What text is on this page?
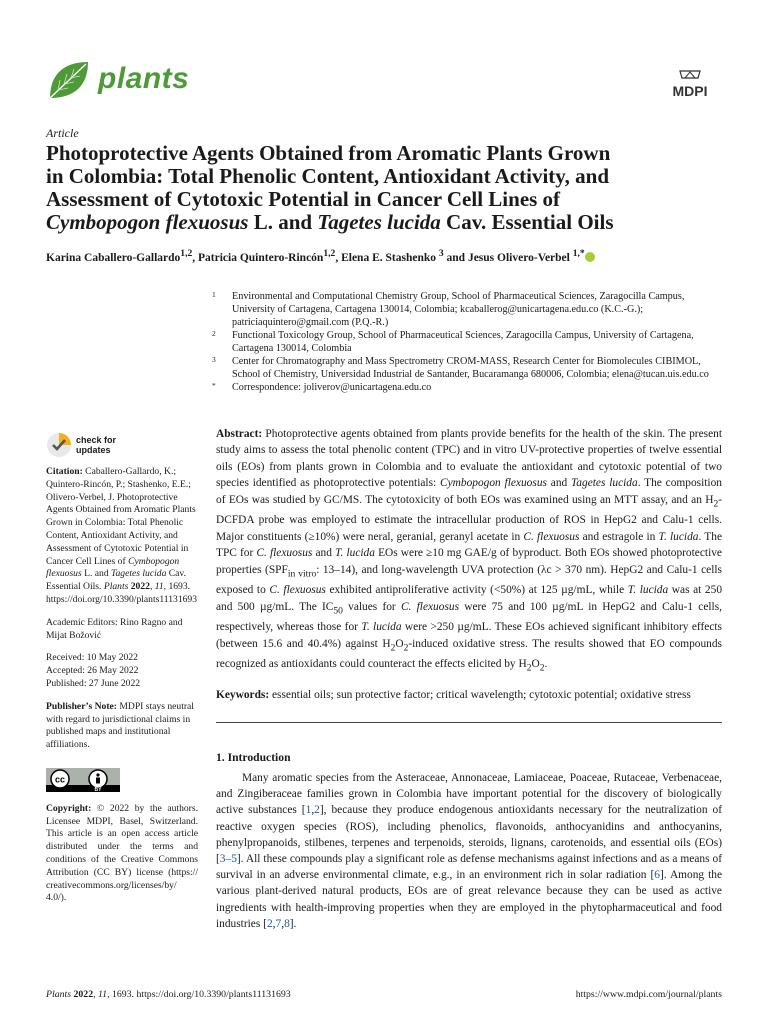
plants	MDPI
Article
Photoprotective Agents Obtained from Aromatic Plants Grown
in Colombia: Total Phenolic Content, Antioxidant Activity, and
Assessment of Cytotoxic Potential in Cancer Cell Lines of
Cymbopogon flexuosus L. and Tagetes lucida Cav. Essential Oils
Karina Caballero-Gallardo$^{1,2}$, Patricia Quintero-Rincón$^{1,2}$, Elena E. Stashenko $^3$ and Jesus Olivero-Verbel $^{1,*}$
1 Environmental and Computational Chemistry Group, School of Pharmaceutical Sciences, Zaragocilla Campus, University of Cartagena, Cartagena 130014, Colombia; kcaballerog@unicartagena.edu.co (K.C.-G.); patriciaquintero@gmail.com (P.Q.-R.)
2 Functional Toxicology Group, School of Pharmaceutical Sciences, Zaragocilla Campus, University of Cartagena, Cartagena 130014, Colombia
3 Center for Chromatography and Mass Spectrometry CROM-MASS, Research Center for Biomolecules CIBIMOL, School of Chemistry, Universidad Industrial de Santander, Bucaramanga 680006, Colombia; elena@tucan.uis.edu.co
* Correspondence: joliverov@unicartagena.edu.co
check for
updates
Citation: Caballero-Gallardo, K.; Quintero-Rincón, P.; Stashenko, E.E.; Olivero-Verbel, J. Photoprotective Agents Obtained from Aromatic Plants Grown in Colombia: Total Phenolic Content, Antioxidant Activity, and Assessment of Cytotoxic Potential in Cancer Cell Lines of Cymbopogon flexuosus L. and Tagetes lucida Cav. Essential Oils. Plants 2022, 11, 1693. https://doi.org/10.3390/plants11131693
Academic Editors: Rino Ragno and Mijat Božović
Received: 10 May 2022
Accepted: 26 May 2022
Published: 27 June 2022
Publisher’s Note: MDPI stays neutral with regard to jurisdictional claims in published maps and institutional affiliations.
cc
BY
Copyright: © 2022 by the authors. Licensee MDPI, Basel, Switzerland. This article is an open access article distributed under the terms and conditions of the Creative Commons Attribution (CC BY) license (https:// creativecommons.org/licenses/by/ 4.0/).

Abstract: Photoprotective agents obtained from plants provide benefits for the health of the skin. The present study aims to assess the total phenolic content (TPC) and in vitro UV-protective properties of twelve essential oils (EOs) from plants grown in Colombia and to evaluate the antioxidant and cytotoxic potential of two species identified as photoprotective potentials: Cymbopogon flexuosus and Tagetes lucida. The composition of EOs was studied by GC/MS. The cytotoxicity of both EOs was examined using an MTT assay, and an $H_2$-DCFDA probe was employed to estimate the intracellular production of ROS in HepG2 and Calu-1 cells. Major constituents (≥10%) were neral, geranial, geranyl acetate in C. flexuosus and estragole in T. lucida. The TPC for C. flexuosus and T. lucida EOs were ≥10 mg GAE/g of byproduct. Both EOs showed photoprotective properties ($SPF_{in vitro}$: 13–14), and long-wavelength UVA protection (λc > 370 nm). HepG2 and Calu-1 cells exposed to C. flexuosus exhibited antiproliferative activity (<50%) at 125 µg/mL, while T. lucida was at 250 and 500 µg/mL. The $IC_{50}$ values for C. flexuosus were 75 and 100 µg/mL in HepG2 and Calu-1 cells, respectively, whereas those for T. lucida were >250 µg/mL. These EOs achieved significant inhibitory effects (between 15.6 and 40.4%) against $H_2O_2$-induced oxidative stress. The results showed that EO compounds recognized as antioxidants could counteract the effects elicited by $H_2O_2$.

Keywords: essential oils; sun protective factor; critical wavelength; cytotoxic potential; oxidative stress

1. Introduction

Many aromatic species from the Asteraceae, Annonaceae, Lamiaceae, Poaceae, Rutaceae, Verbenaceae, and Zingiberaceae families grown in Colombia have important potential for the discovery of biologically active substances [1,2], because they produce endogenous antioxidants necessary for the neutralization of reactive oxygen species (ROS), including phenolics, flavonoids, anthocyanidins and anthocyanins, phenylpropanoids, stilbenes, terpenes and terpenoids, steroids, lignans, carotenoids, and essential oils (EOs) [3–5]. All these compounds play a significant role as defense mechanisms against infections and as a means of survival in an adverse environmental climate, e.g., in an environment rich in solar radiation [6]. Among the various plant-derived natural products, EOs are of great relevance because they can be used as active ingredients with health-improving properties when they are employed in the phytopharmaceutical and food industries [2,7,8].

Plants 2022, 11, 1693. https://doi.org/10.3390/plants11131693	https://www.mdpi.com/journal/plants
